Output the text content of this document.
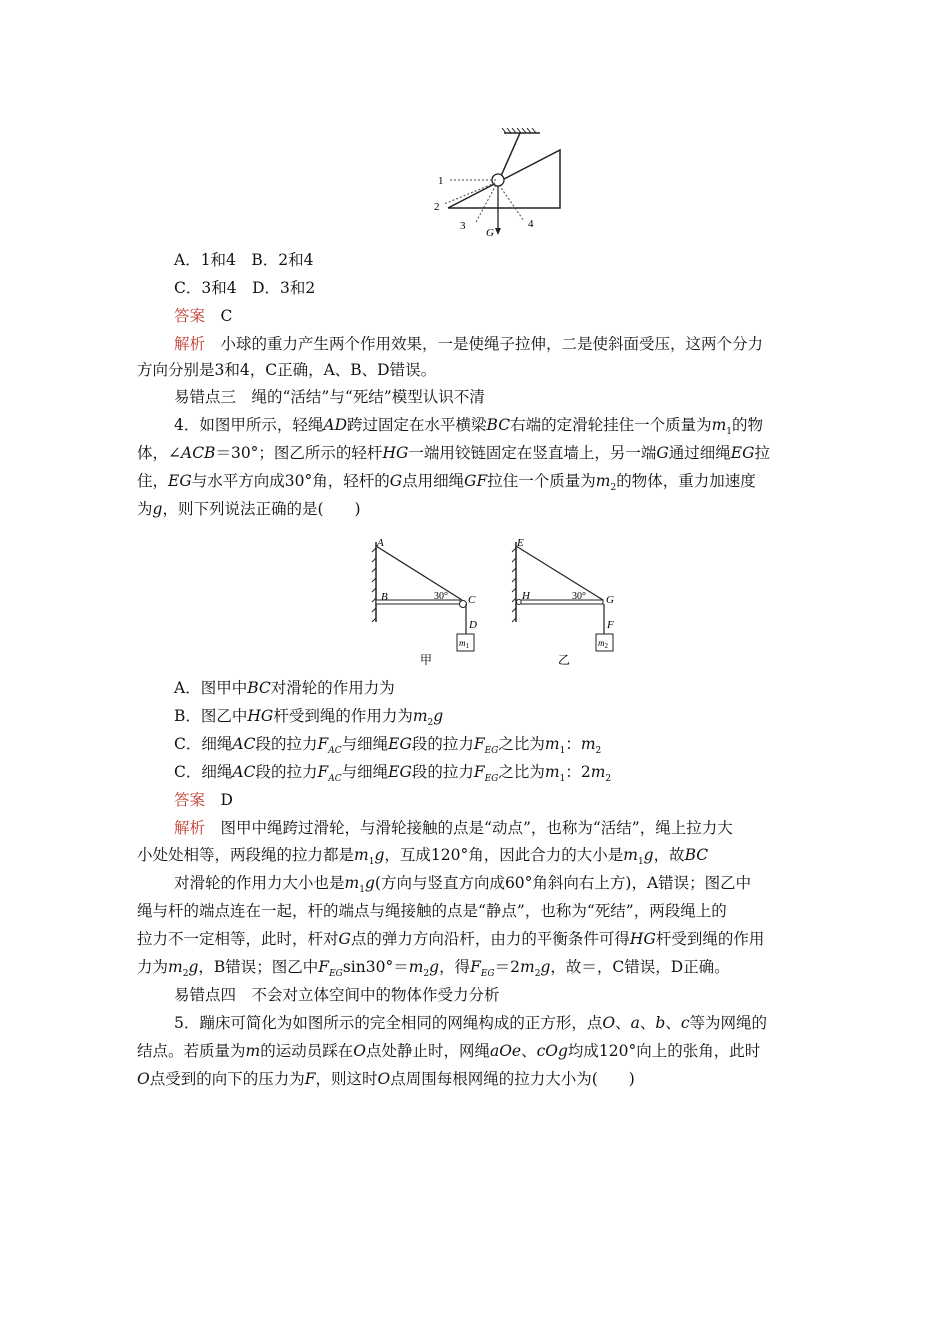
1
2
3	4
G
A．1和4　B．2和4
C．3和4　D．3和2
答案　 C
解析　 小球的重力产生两个作用效果，一是使绳子拉伸，二是使斜面受压，这两个分力
方向分别是3和4，C正确，A、B、D错误。
易错点三　绳的“活结”与“死结”模型认识不清
4．如图甲所示，轻绳AD跨过固定在水平横梁BC右端的定滑轮挂住一个质量为$m_1$的物
体，∠ACB＝30°；图乙所示的轻杆HG一端用铰链固定在竖直墙上，另一端G通过细绳EG拉
住，EG与水平方向成30°角，轻杆的G点用细绳GF拉住一个质量为$m_2$的物体，重力加速度
为g，则下列说法正确的是(　　)
A
B	C
D
30°
$m_1$
甲
E
H	G
F
30°
$m_2$
乙
A．图甲中BC对滑轮的作用力为
B．图乙中HG杆受到绳的作用力为$m_2g$
C．细绳AC段的拉力$F_{AC}$与细绳EG段的拉力$F_{EG}$之比为$m_1$：$m_2$
C．细绳AC段的拉力$F_{AC}$与细绳EG段的拉力$F_{EG}$之比为$m_1$：$2m_2$
答案　 D
解析　 图甲中绳跨过滑轮，与滑轮接触的点是“动点”，也称为“活结”，绳上拉力大
小处处相等，两段绳的拉力都是$m_1g$，互成120°角，因此合力的大小是$m_1g$，故BC
对滑轮的作用力大小也是$m_1g$(方向与竖直方向成60°角斜向右上方)，A错误；图乙中
绳与杆的端点连在一起，杆的端点与绳接触的点是“静点”，也称为“死结”，两段绳上的
拉力不一定相等，此时，杆对G点的弹力方向沿杆，由力的平衡条件可得HG杆受到绳的作用
力为$m_2g$，B错误；图乙中$F_{EG}\sin 30^\circ=m_2g$，得$F_{EG}=2m_2g$，故＝，C错误，D正确。
易错点四　不会对立体空间中的物体作受力分析
5．蹦床可简化为如图所示的完全相同的网绳构成的正方形，点O、a、b、c等为网绳的
结点。若质量为m的运动员踩在O点处静止时，网绳aOe、cOg均成120°向上的张角，此时
O点受到的向下的压力为F，则这时O点周围每根网绳的拉力大小为(　　)
